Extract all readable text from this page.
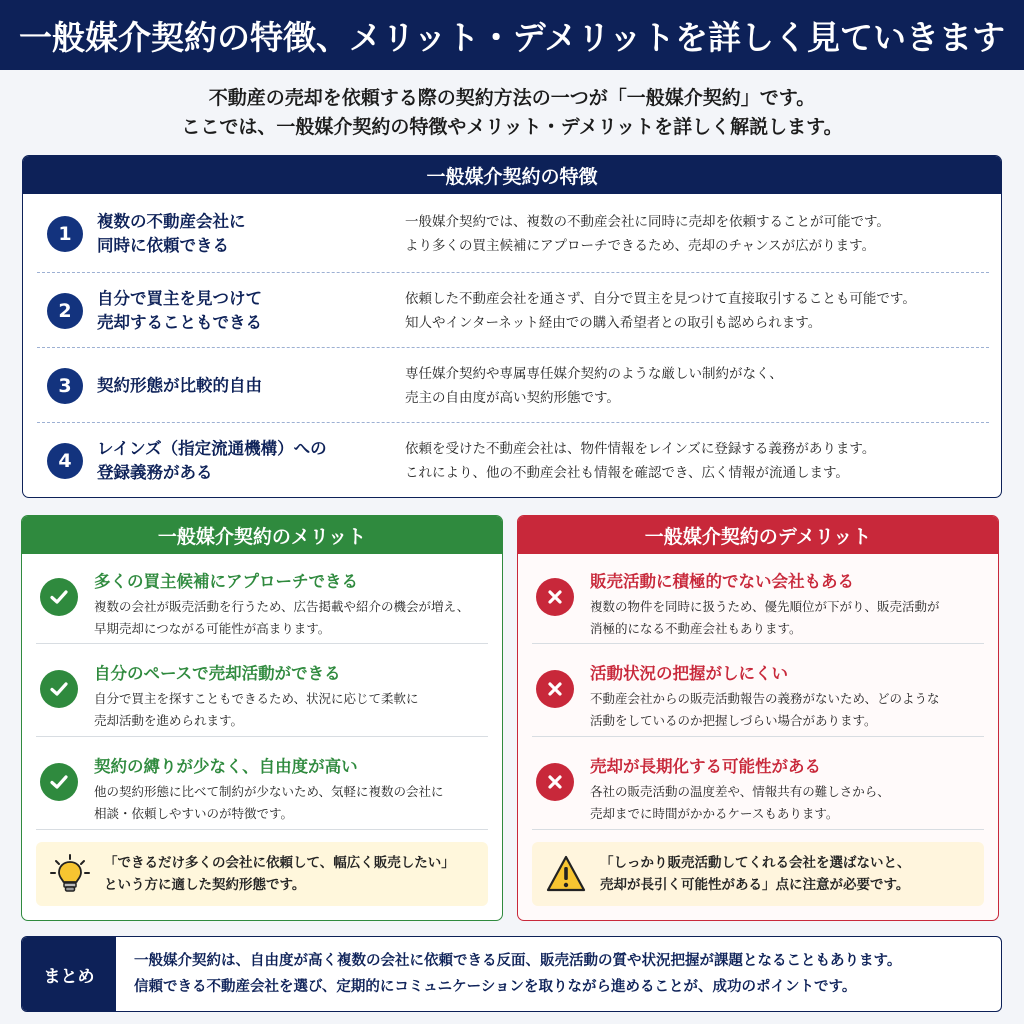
一般媒介契約の特徴、メリット・デメリットを詳しく見ていきます
不動産の売却を依頼する際の契約方法の一つが「一般媒介契約」です。
ここでは、一般媒介契約の特徴やメリット・デメリットを詳しく解説します。
一般媒介契約の特徴
1
複数の不動産会社に
同時に依頼できる
一般媒介契約では、複数の不動産会社に同時に売却を依頼することが可能です。
より多くの買主候補にアプローチできるため、売却のチャンスが広がります。
2
自分で買主を見つけて
売却することもできる
依頼した不動産会社を通さず、自分で買主を見つけて直接取引することも可能です。
知人やインターネット経由での購入希望者との取引も認められます。
3	契約形態が比較的自由
専任媒介契約や専属専任媒介契約のような厳しい制約がなく、
売主の自由度が高い契約形態です。
4
レインズ（指定流通機構）への
登録義務がある
依頼を受けた不動産会社は、物件情報をレインズに登録する義務があります。
これにより、他の不動産会社も情報を確認でき、広く情報が流通します。
一般媒介契約のメリット
多くの買主候補にアプローチできる
複数の会社が販売活動を行うため、広告掲載や紹介の機会が増え、
早期売却につながる可能性が高まります。
自分のペースで売却活動ができる
自分で買主を探すこともできるため、状況に応じて柔軟に
売却活動を進められます。
契約の縛りが少なく、自由度が高い
他の契約形態に比べて制約が少ないため、気軽に複数の会社に
相談・依頼しやすいのが特徴です。
「できるだけ多くの会社に依頼して、幅広く販売したい」
という方に適した契約形態です。
一般媒介契約のデメリット
販売活動に積極的でない会社もある
複数の物件を同時に扱うため、優先順位が下がり、販売活動が
消極的になる不動産会社もあります。
活動状況の把握がしにくい
不動産会社からの販売活動報告の義務がないため、どのような
活動をしているのか把握しづらい場合があります。
売却が長期化する可能性がある
各社の販売活動の温度差や、情報共有の難しさから、
売却までに時間がかかるケースもあります。
「しっかり販売活動してくれる会社を選ばないと、
売却が長引く可能性がある」点に注意が必要です。
まとめ
一般媒介契約は、自由度が高く複数の会社に依頼できる反面、販売活動の質や状況把握が課題となることもあります。
信頼できる不動産会社を選び、定期的にコミュニケーションを取りながら進めることが、成功のポイントです。
